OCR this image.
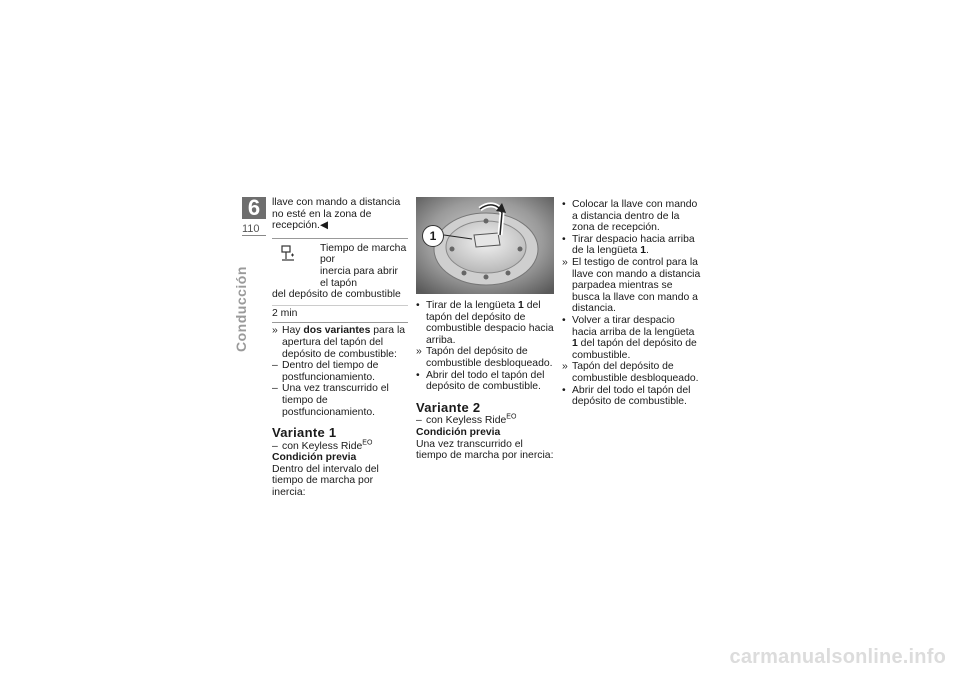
6
110
Conducción

llave con mando a distancia no esté en la zona de recepción.◀

Tiempo de marcha por
inercia para abrir el tapón
del depósito de combustible
2 min
» Hay dos variantes para la apertura del tapón del depósito de combustible:
– Dentro del tiempo de postfuncionamiento.
– Una vez transcurrido el tiempo de postfuncionamiento.
Variante 1
– con Keyless Ride$^{EO}$

Condición previa

Dentro del intervalo del tiempo de marcha por inercia:

1
• Tirar de la lengüeta 1 del tapón del depósito de combustible despacio hacia arriba.
» Tapón del depósito de combustible desbloqueado.
• Abrir del todo el tapón del depósito de combustible.
Variante 2
– con Keyless Ride$^{EO}$

Condición previa

Una vez transcurrido el tiempo de marcha por inercia:

• Colocar la llave con mando a distancia dentro de la zona de recepción.
• Tirar despacio hacia arriba de la lengüeta 1.
» El testigo de control para la llave con mando a distancia parpadea mientras se busca la llave con mando a distancia.
• Volver a tirar despacio hacia arriba de la lengüeta 1 del tapón del depósito de combustible.
» Tapón del depósito de combustible desbloqueado.
• Abrir del todo el tapón del depósito de combustible.
carmanualsonline.info
